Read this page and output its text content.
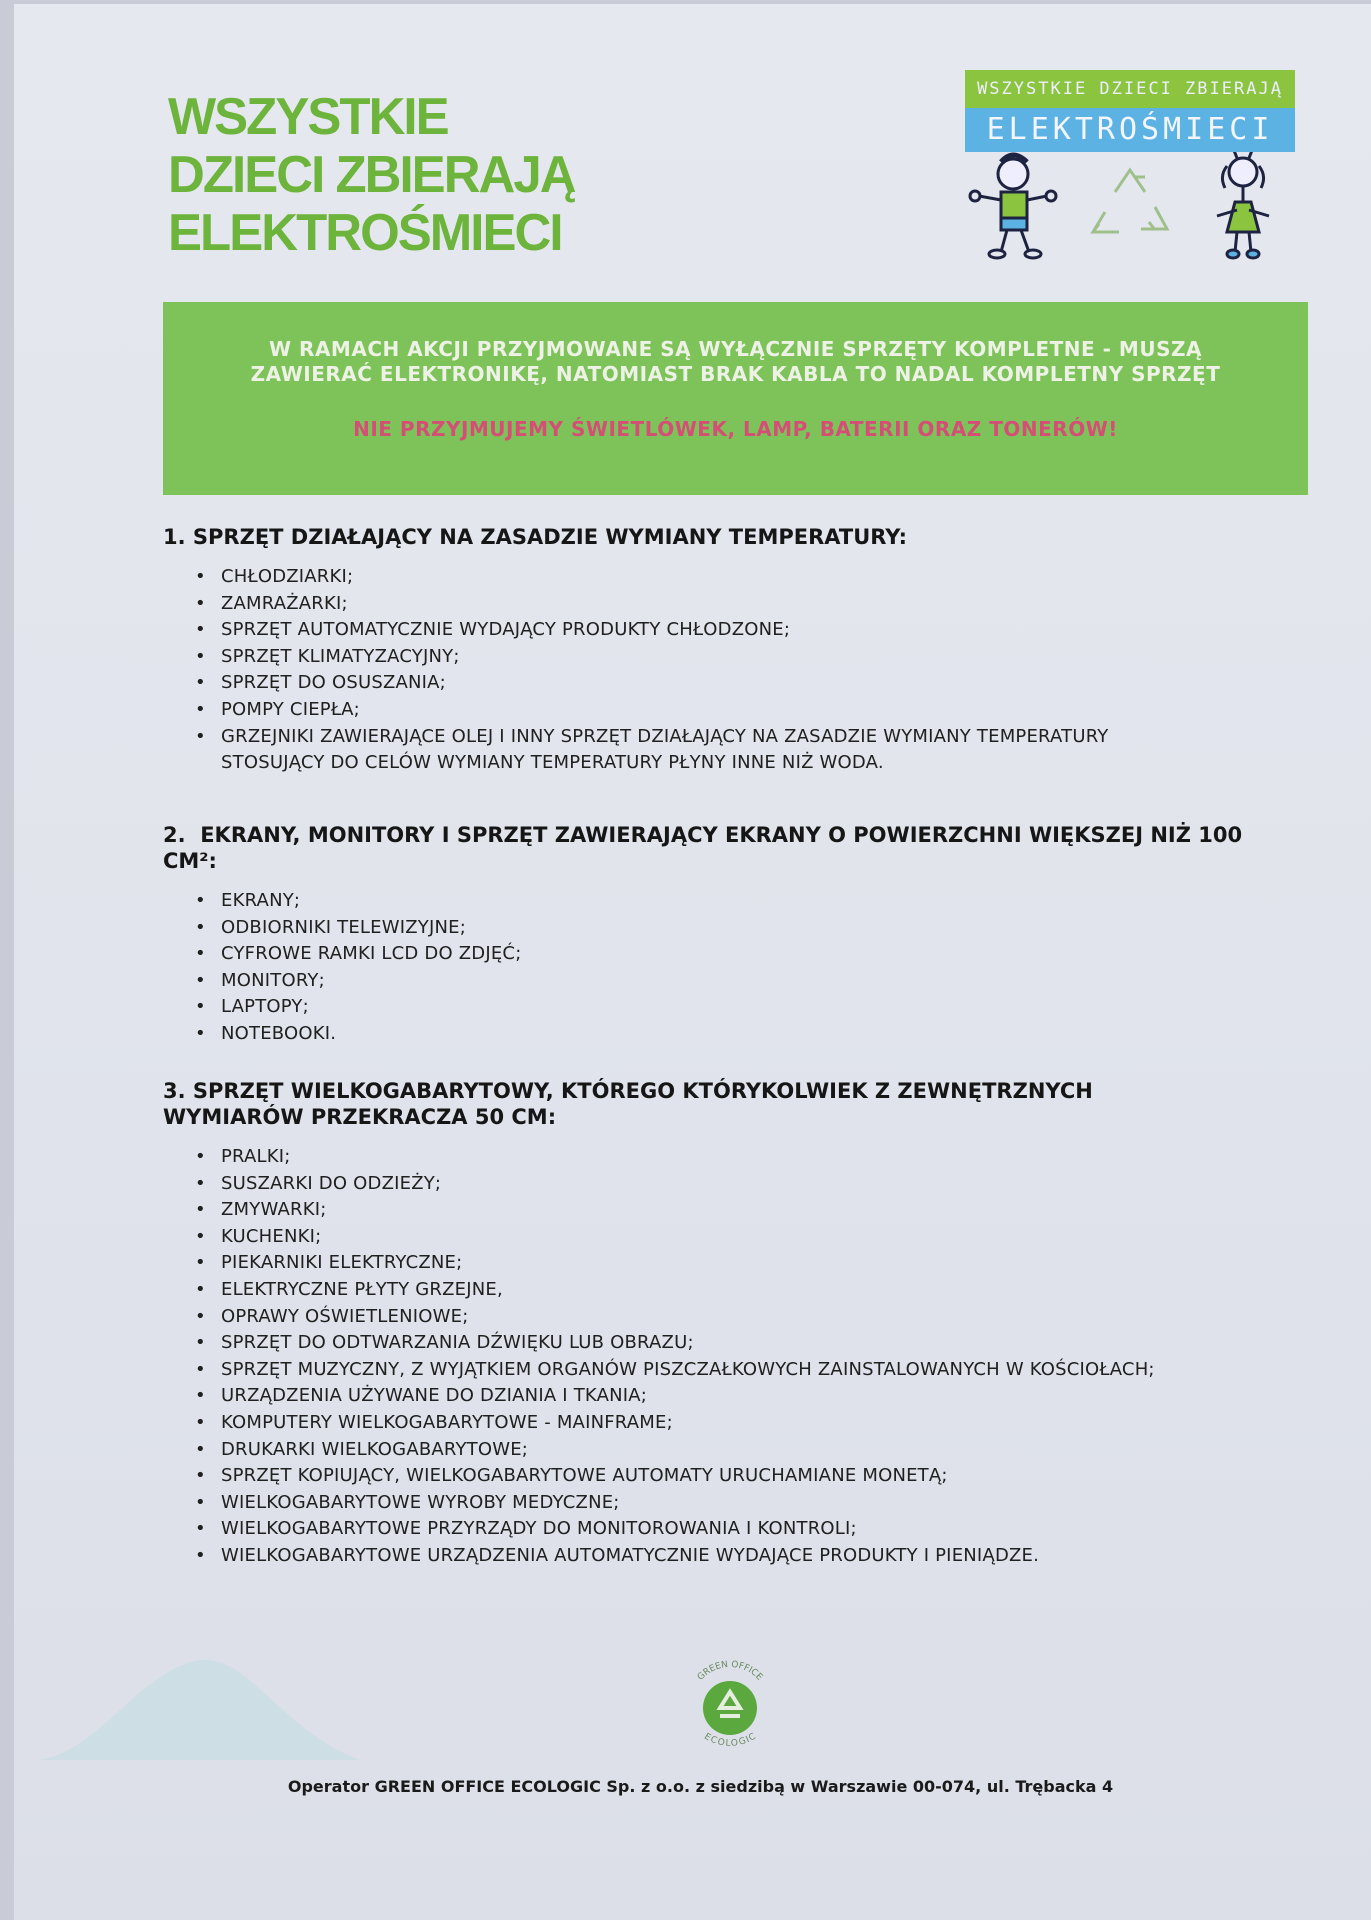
WSZYSTKIE
DZIECI ZBIERAJĄ
ELEKTROŚMIECI
WSZYSTKIE DZIECI ZBIERAJĄ
ELEKTROŚMIECI
W RAMACH AKCJI PRZYJMOWANE SĄ WYŁĄCZNIE SPRZĘTY KOMPLETNE - MUSZĄ ZAWIERAĆ ELEKTRONIKĘ, NATOMIAST BRAK KABLA TO NADAL KOMPLETNY SPRZĘT
NIE PRZYJMUJEMY ŚWIETLÓWEK, LAMP, BATERII ORAZ TONERÓW!
1. SPRZĘT DZIAŁAJĄCY NA ZASADZIE WYMIANY TEMPERATURY:
• CHŁODZIARKI;
• ZAMRAŻARKI;
• SPRZĘT AUTOMATYCZNIE WYDAJĄCY PRODUKTY CHŁODZONE;
• SPRZĘT KLIMATYZACYJNY;
• SPRZĘT DO OSUSZANIA;
• POMPY CIEPŁA;
• GRZEJNIKI ZAWIERAJĄCE OLEJ I INNY SPRZĘT DZIAŁAJĄCY NA ZASADZIE WYMIANY TEMPERATURY STOSUJĄCY DO CELÓW WYMIANY TEMPERATURY PŁYNY INNE NIŻ WODA.
2.  EKRANY, MONITORY I SPRZĘT ZAWIERAJĄCY EKRANY O POWIERZCHNI WIĘKSZEJ NIŻ 100 CM²:
• EKRANY;
• ODBIORNIKI TELEWIZYJNE;
• CYFROWE RAMKI LCD DO ZDJĘĆ;
• MONITORY;
• LAPTOPY;
• NOTEBOOKI.
3. SPRZĘT WIELKOGABARYTOWY, KTÓREGO KTÓRYKOLWIEK Z ZEWNĘTRZNYCH WYMIARÓW PRZEKRACZA 50 CM:
• PRALKI;
• SUSZARKI DO ODZIEŻY;
• ZMYWARKI;
• KUCHENKI;
• PIEKARNIKI ELEKTRYCZNE;
• ELEKTRYCZNE PŁYTY GRZEJNE,
• OPRAWY OŚWIETLENIOWE;
• SPRZĘT DO ODTWARZANIA DŹWIĘKU LUB OBRAZU;
• SPRZĘT MUZYCZNY, Z WYJĄTKIEM ORGANÓW PISZCZAŁKOWYCH ZAINSTALOWANYCH W KOŚCIOŁACH;
• URZĄDZENIA UŻYWANE DO DZIANIA I TKANIA;
• KOMPUTERY WIELKOGABARYTOWE - MAINFRAME;
• DRUKARKI WIELKOGABARYTOWE;
• SPRZĘT KOPIUJĄCY, WIELKOGABARYTOWE AUTOMATY URUCHAMIANE MONETĄ;
• WIELKOGABARYTOWE WYROBY MEDYCZNE;
• WIELKOGABARYTOWE PRZYRZĄDY DO MONITOROWANIA I KONTROLI;
• WIELKOGABARYTOWE URZĄDZENIA AUTOMATYCZNIE WYDAJĄCE PRODUKTY I PIENIĄDZE.
GREEN OFFICE
ECOLOGIC
Operator GREEN OFFICE ECOLOGIC Sp. z o.o. z siedzibą w Warszawie 00-074, ul. Trębacka 4
